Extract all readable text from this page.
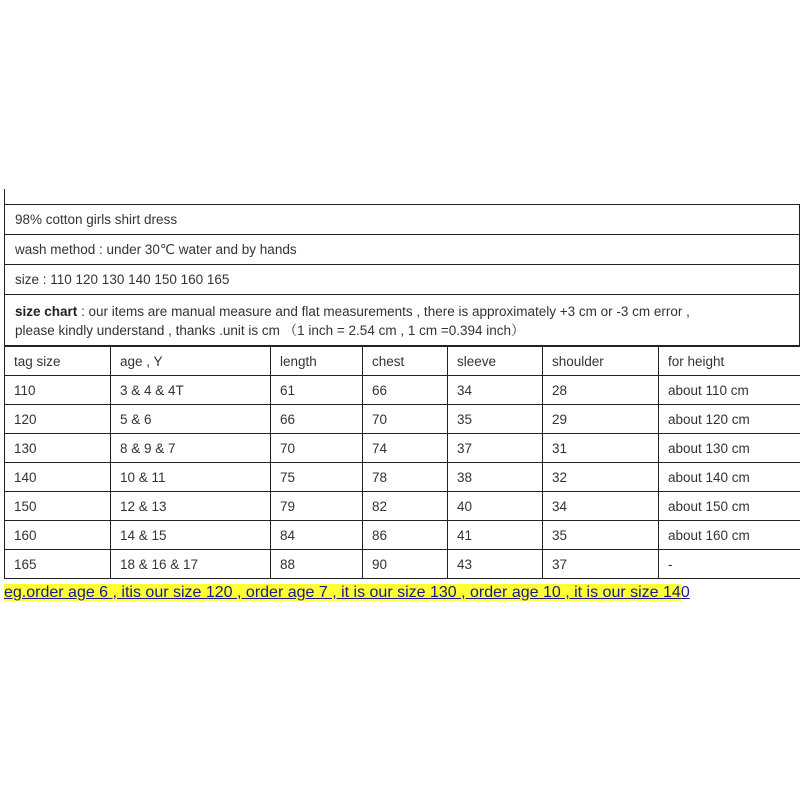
98% cotton girls shirt dress
wash method : under 30℃ water and by hands
size : 110 120 130 140 150 160 165
size chart : our items are manual measure and flat measurements , there is approximately +3 cm or -3 cm error ,
please kindly understand , thanks .unit is cm （1 inch = 2.54 cm , 1 cm =0.394 inch）
tag size	age , Y	length	chest	sleeve	shoulder	for height
110	3 & 4 & 4T	61	66	34	28	about 110 cm
120	5 & 6	66	70	35	29	about 120 cm
130	8 & 9 & 7	70	74	37	31	about 130 cm
140	10 & 11	75	78	38	32	about 140 cm
150	12 & 13	79	82	40	34	about 150 cm
160	14 & 15	84	86	41	35	about 160 cm
165	18 & 16 & 17	88	90	43	37	-
eg.order age 6 , itis our size 120 , order age 7 , it is our size 130 , order age 10 , it is our size 140
